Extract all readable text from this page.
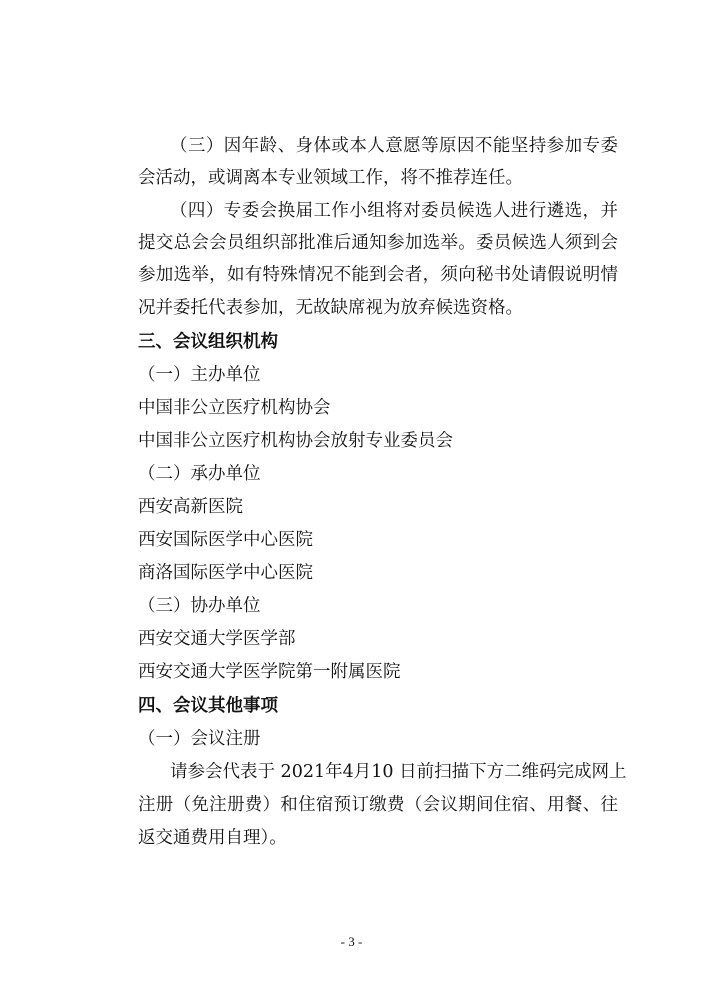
（三）因年龄、身体或本人意愿等原因不能坚持参加专委
会活动，或调离本专业领域工作，将不推荐连任。
（四）专委会换届工作小组将对委员候选人进行遴选，并
提交总会会员组织部批准后通知参加选举。委员候选人须到会
参加选举，如有特殊情况不能到会者，须向秘书处请假说明情
况并委托代表参加，无故缺席视为放弃候选资格。
三、会议组织机构
（一）主办单位
中国非公立医疗机构协会
中国非公立医疗机构协会放射专业委员会
（二）承办单位
西安高新医院
西安国际医学中心医院
商洛国际医学中心医院
（三）协办单位
西安交通大学医学部
西安交通大学医学院第一附属医院
四、会议其他事项
（一）会议注册
请参会代表于 2021年4月10 日前扫描下方二维码完成网上
注册（免注册费）和住宿预订缴费（会议期间住宿、用餐、往
返交通费用自理）。
- 3 -
